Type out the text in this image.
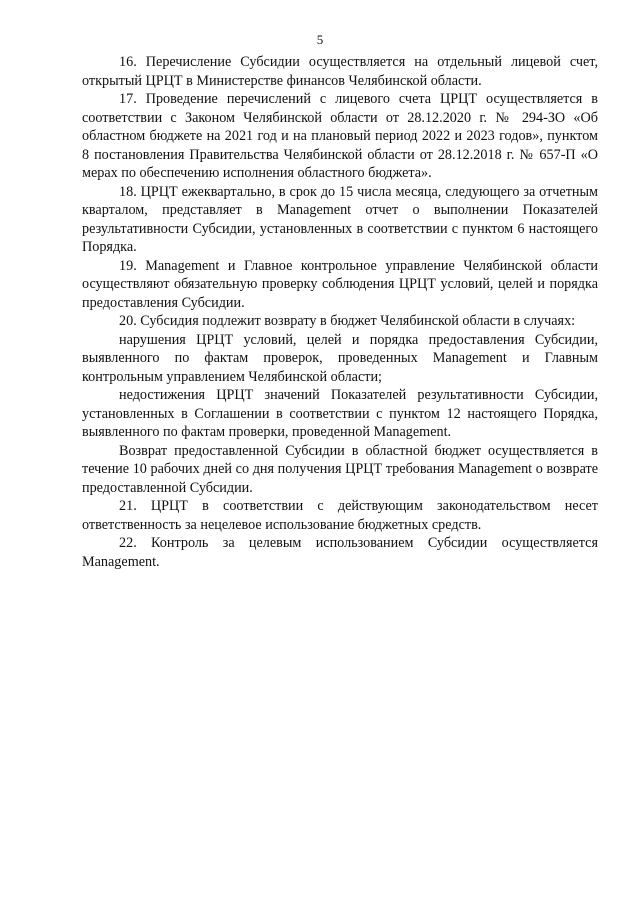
5

16. Перечисление Субсидии осуществляется на отдельный лицевой счет, открытый ЦРЦТ в Министерстве финансов Челябинской области.

17. Проведение перечислений с лицевого счета ЦРЦТ осуществляется в соответствии с Законом Челябинской области от 28.12.2020 г. № 294-ЗО «Об областном бюджете на 2021 год и на плановый период 2022 и 2023 годов», пунктом 8 постановления Правительства Челябинской области от 28.12.2018 г. № 657-П «О мерах по обеспечению исполнения областного бюджета».

18. ЦРЦТ ежеквартально, в срок до 15 числа месяца, следующего за отчетным кварталом, представляет в Management отчет о выполнении Показателей результативности Субсидии, установленных в соответствии с пунктом 6 настоящего Порядка.

19. Management и Главное контрольное управление Челябинской области осуществляют обязательную проверку соблюдения ЦРЦТ условий, целей и порядка предоставления Субсидии.

20. Субсидия подлежит возврату в бюджет Челябинской области в случаях:

нарушения ЦРЦТ условий, целей и порядка предоставления Субсидии, выявленного по фактам проверок, проведенных Management и Главным контрольным управлением Челябинской области;

недостижения ЦРЦТ значений Показателей результативности Субсидии, установленных в Соглашении в соответствии с пунктом 12 настоящего Порядка, выявленного по фактам проверки, проведенной Management.

Возврат предоставленной Субсидии в областной бюджет осуществляется в течение 10 рабочих дней со дня получения ЦРЦТ требования Management о возврате предоставленной Субсидии.

21. ЦРЦТ в соответствии с действующим законодательством несет ответственность за нецелевое использование бюджетных средств.

22. Контроль за целевым использованием Субсидии осуществляется Management.
